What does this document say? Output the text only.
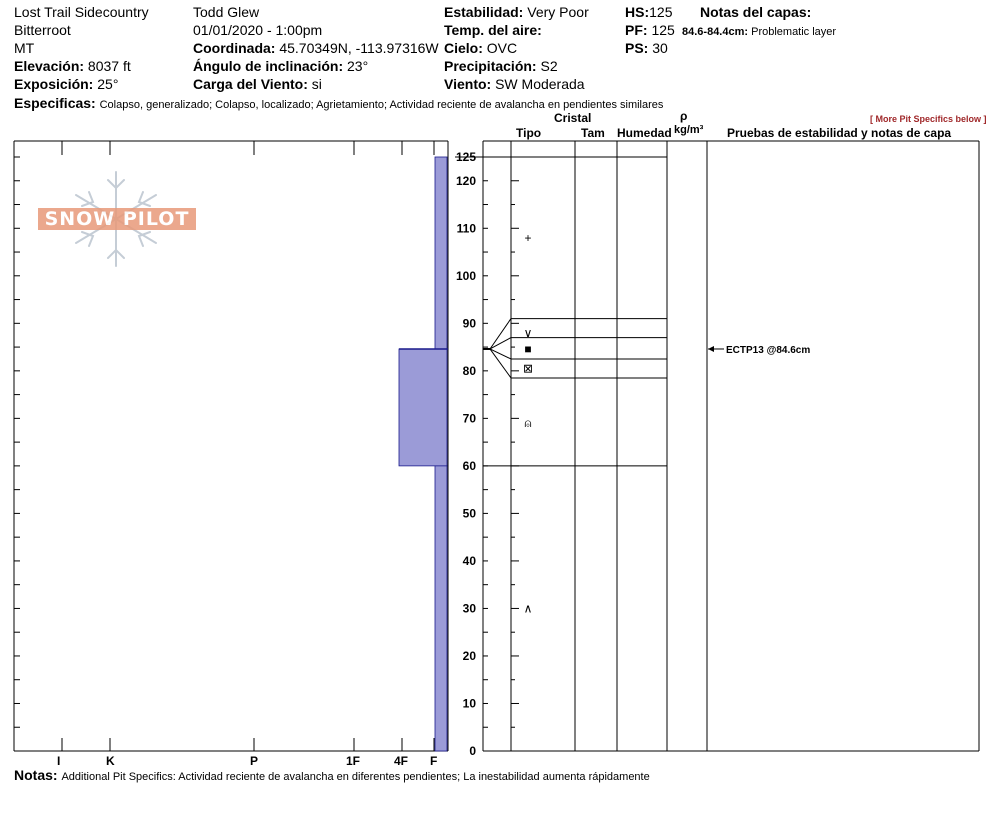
Lost Trail Sidecountry
Bitterroot
MT
Elevación: 8037 ft
Exposición: 25°
Todd Glew
01/01/2020 - 1:00pm
Coordinada: 45.70349N, -113.97316W
Ángulo de inclinación: 23°
Carga del Viento: si
Estabilidad: Very Poor
Temp. del aire:
Cielo: OVC
Precipitación: S2
Viento: SW Moderada
HS:125
PF: 125
PS: 30
Notas del capas:
84.6-84.4cm: Problematic layer
Especificas: Colapso, generalizado; Colapso, localizado; Agrietamiento; Actividad reciente de avalancha en pendientes similares
[ More Pit Specifics below ]
Cristal
Tipo	Tam Humedad
ρ
kg/m³ Pruebas de estabilidad y notas de capa
SNOW PILOT
125
120
110
100
90
80
70
60
50
40
30
20
10
0
+
∨
■
⊠
⍝
∧
ECTP13 @84.6cm
I	K	P	1F	4F F
Notas: Additional Pit Specifics: Actividad reciente de avalancha en diferentes pendientes; La inestabilidad aumenta rápidamente
